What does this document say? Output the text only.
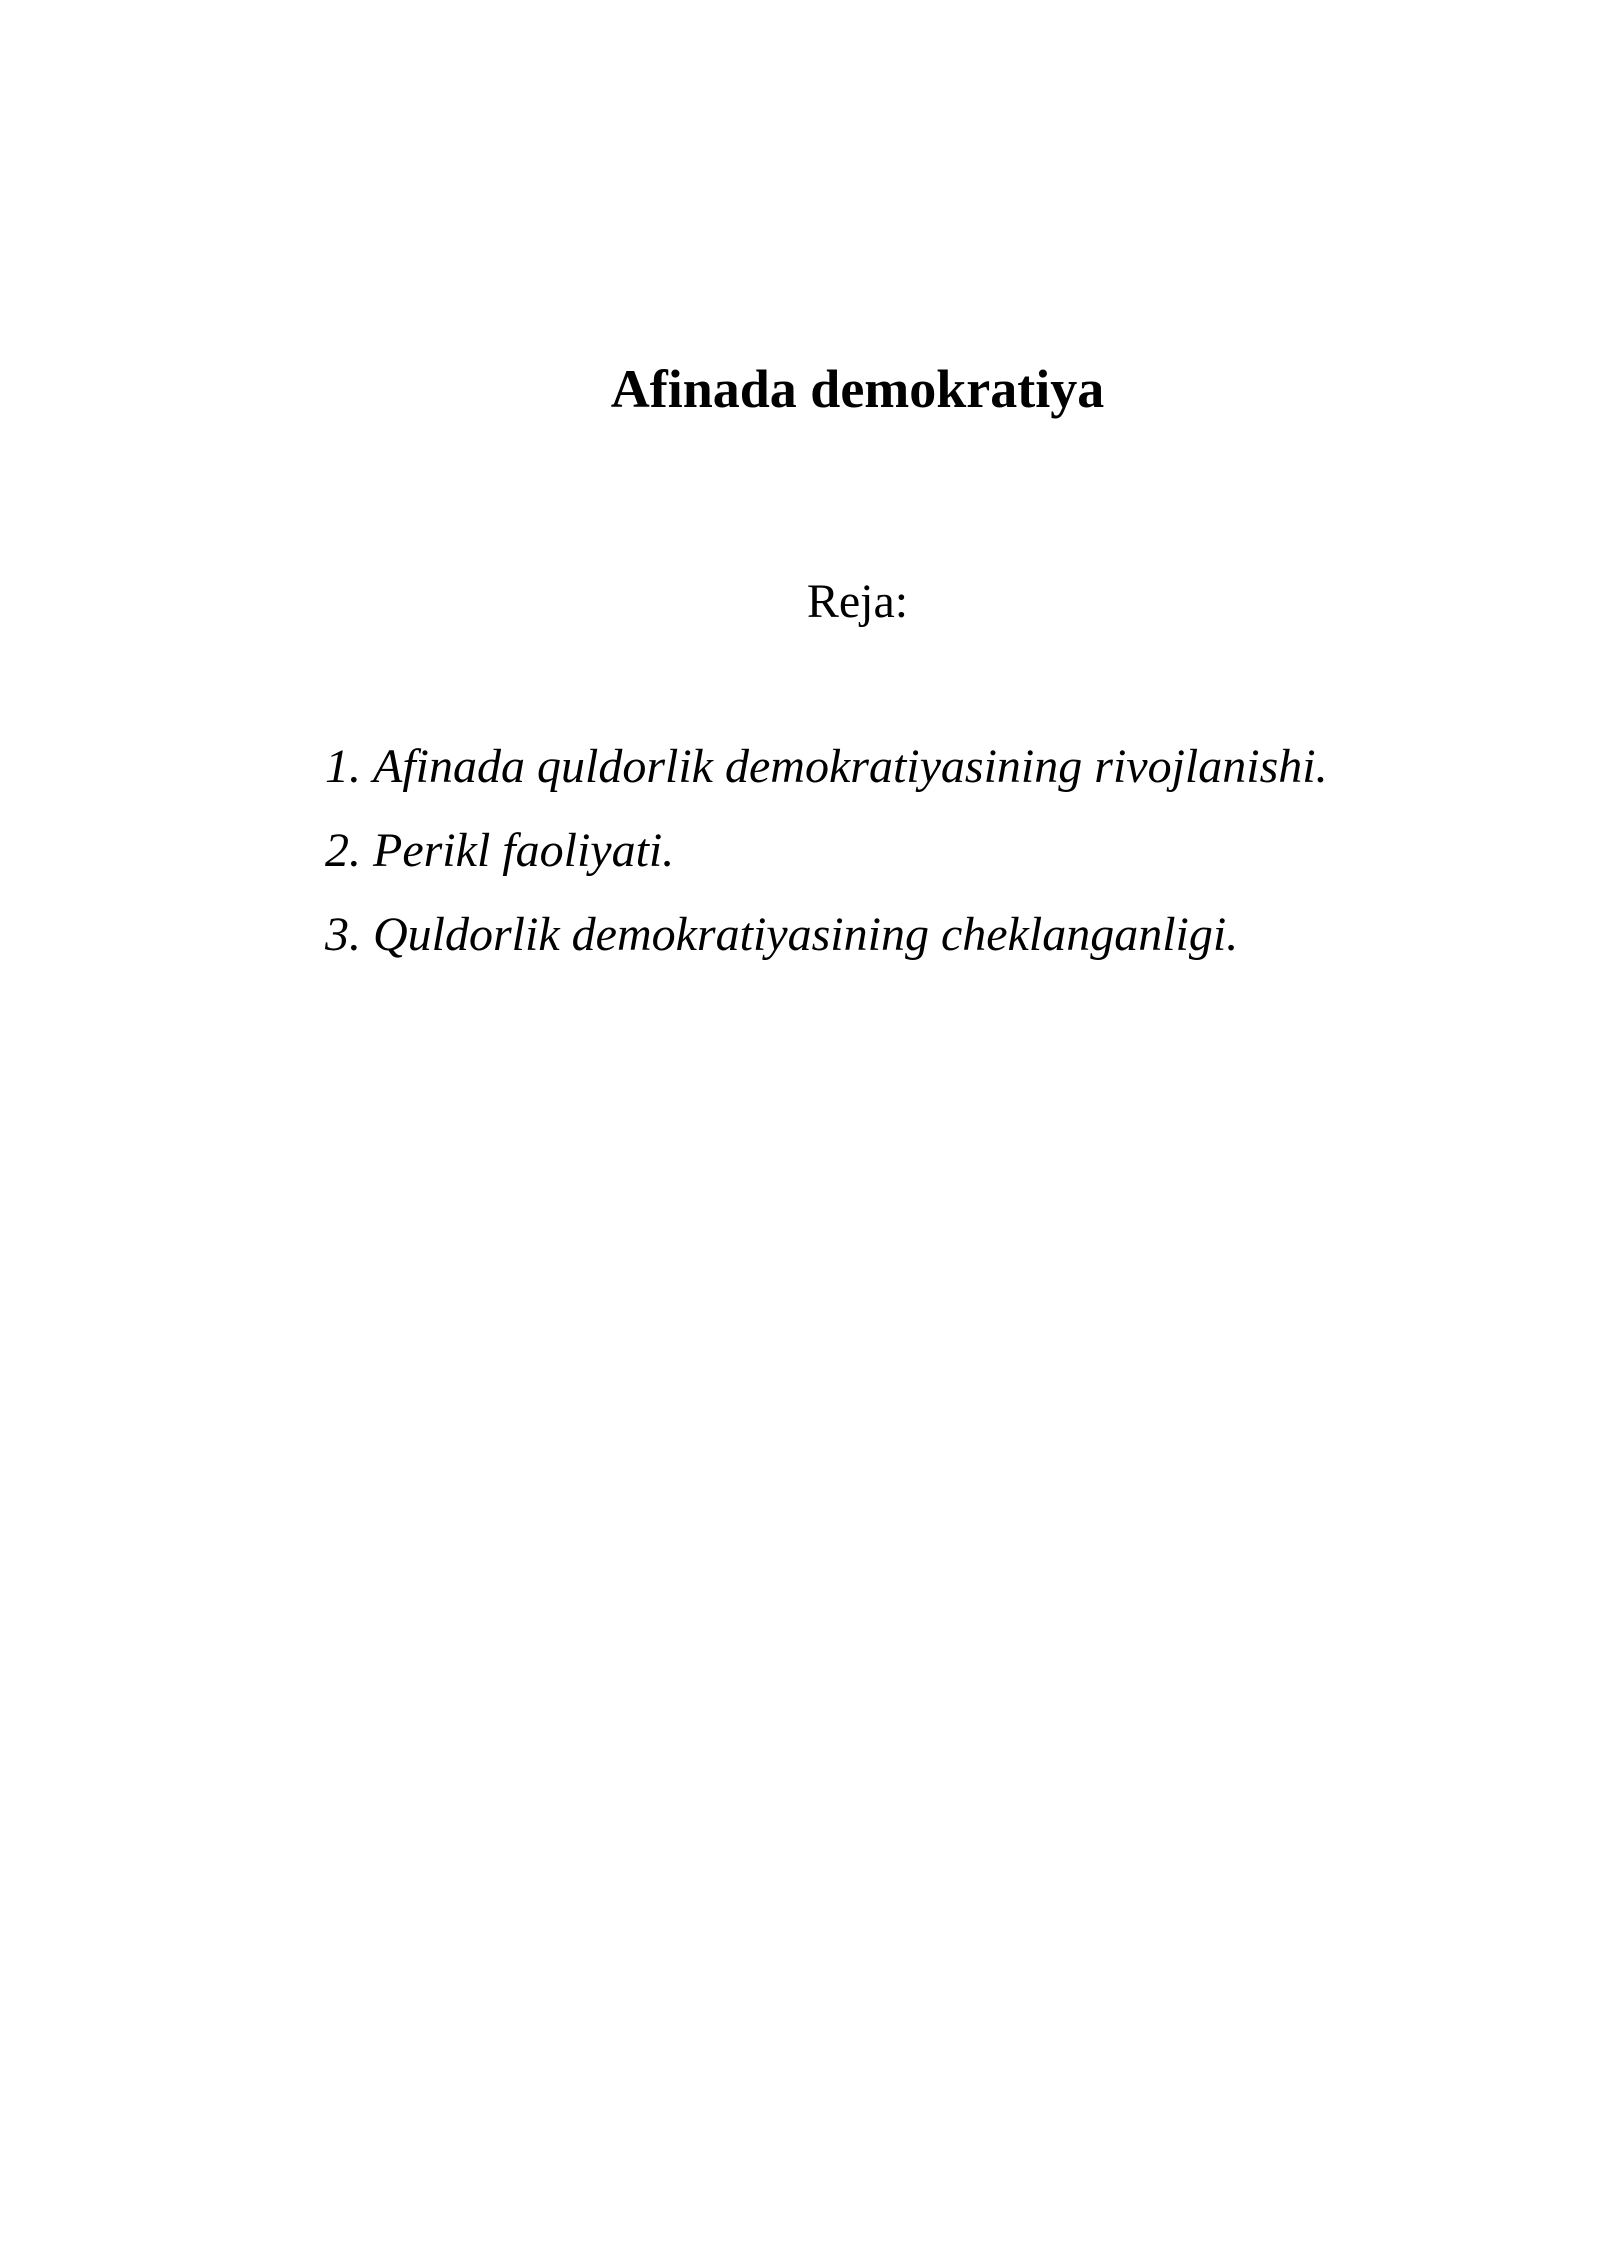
Afinada demokratiya

Reja:

1. Afinada quldorlik demokratiyasining rivojlanishi.
2. Perikl faoliyati.
3. Quldorlik demokratiyasining cheklanganligi.
